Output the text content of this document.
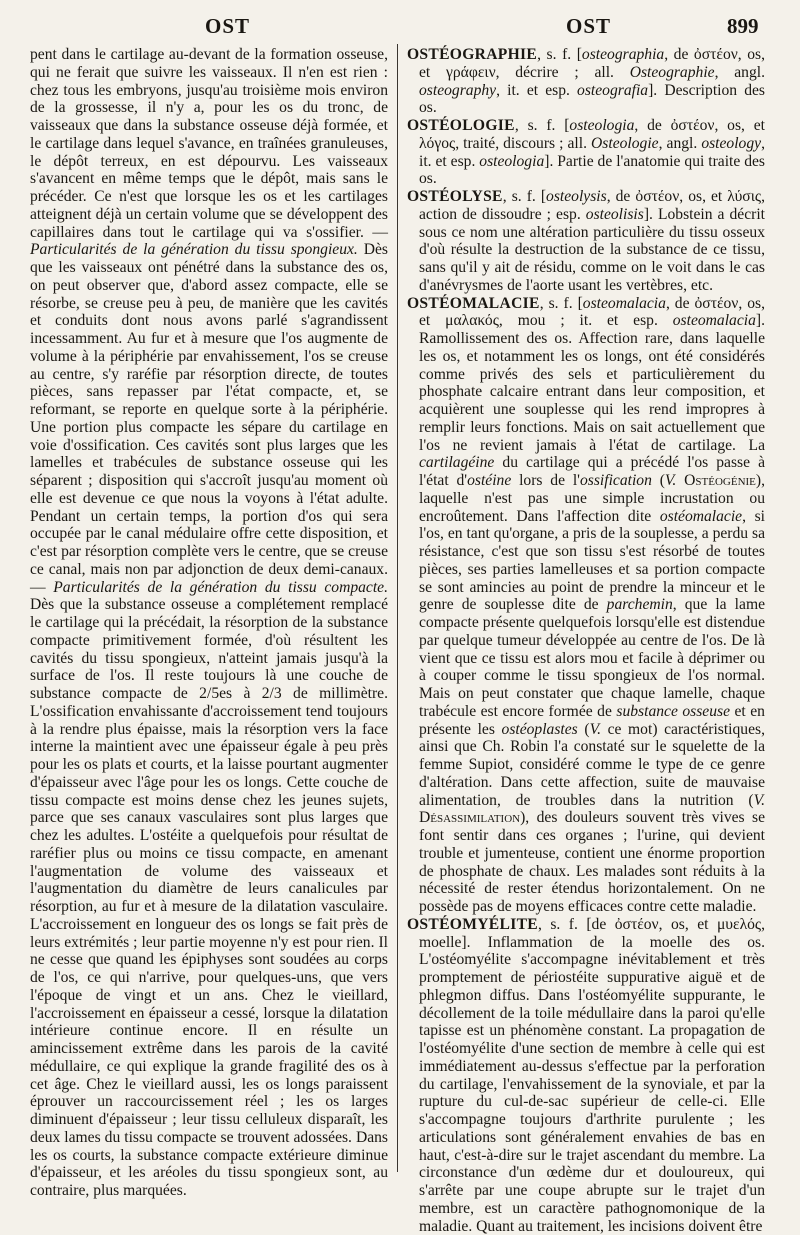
OST	OST	899

pent dans le cartilage au-devant de la formation osseuse, qui ne ferait que suivre les vaisseaux. Il n'en est rien : chez tous les embryons, jusqu'au troisième mois environ de la grossesse, il n'y a, pour les os du tronc, de vaisseaux que dans la substance osseuse déjà formée, et le cartilage dans lequel s'avance, en traînées granuleuses, le dépôt terreux, en est dépourvu. Les vaisseaux s'avancent en même temps que le dépôt, mais sans le précéder. Ce n'est que lorsque les os et les cartilages atteignent déjà un certain volume que se développent des capillaires dans tout le cartilage qui va s'ossifier. — Particularités de la génération du tissu spongieux. Dès que les vaisseaux ont pénétré dans la substance des os, on peut observer que, d'abord assez compacte, elle se résorbe, se creuse peu à peu, de manière que les cavités et conduits dont nous avons parlé s'agrandissent incessamment. Au fur et à mesure que l'os augmente de volume à la périphérie par envahissement, l'os se creuse au centre, s'y raréfie par résorption directe, de toutes pièces, sans repasser par l'état compacte, et, se reformant, se reporte en quelque sorte à la périphérie. Une portion plus compacte les sépare du cartilage en voie d'ossification. Ces cavités sont plus larges que les lamelles et trabécules de substance osseuse qui les séparent ; disposition qui s'accroît jusqu'au moment où elle est devenue ce que nous la voyons à l'état adulte. Pendant un certain temps, la portion d'os qui sera occupée par le canal médulaire offre cette disposition, et c'est par résorption complète vers le centre, que se creuse ce canal, mais non par adjonction de deux demi-canaux. — Particularités de la génération du tissu compacte. Dès que la substance osseuse a complétement remplacé le cartilage qui la précédait, la résorption de la substance compacte primitivement formée, d'où résultent les cavités du tissu spongieux, n'atteint jamais jusqu'à la surface de l'os. Il reste toujours là une couche de substance compacte de 2/5es à 2/3 de millimètre. L'ossification envahissante d'accroissement tend toujours à la rendre plus épaisse, mais la résorption vers la face interne la maintient avec une épaisseur égale à peu près pour les os plats et courts, et la laisse pourtant augmenter d'épaisseur avec l'âge pour les os longs. Cette couche de tissu compacte est moins dense chez les jeunes sujets, parce que ses canaux vasculaires sont plus larges que chez les adultes. L'ostéite a quelquefois pour résultat de raréfier plus ou moins ce tissu compacte, en amenant l'augmentation de volume des vaisseaux et l'augmentation du diamètre de leurs canalicules par résorption, au fur et à mesure de la dilatation vasculaire. L'accroissement en longueur des os longs se fait près de leurs extrémités ; leur partie moyenne n'y est pour rien. Il ne cesse que quand les épiphyses sont soudées au corps de l'os, ce qui n'arrive, pour quelques-uns, que vers l'époque de vingt et un ans. Chez le vieillard, l'accroissement en épaisseur a cessé, lorsque la dilatation intérieure continue encore. Il en résulte un amincissement extrême dans les parois de la cavité médullaire, ce qui explique la grande fragilité des os à cet âge. Chez le vieillard aussi, les os longs paraissent éprouver un raccourcissement réel ; les os larges diminuent d'épaisseur ; leur tissu celluleux disparaît, les deux lames du tissu compacte se trouvent adossées. Dans les os courts, la substance compacte extérieure diminue d'épaisseur, et les aréoles du tissu spongieux sont, au contraire, plus marquées.

OSTÉOGRAPHIE, s. f. [osteographia, de ὀστέον, os, et γράφειν, décrire ; all. Osteographie, angl. osteography, it. et esp. osteografia]. Description des os.

OSTÉOLOGIE, s. f. [osteologia, de ὀστέον, os, et λόγος, traité, discours ; all. Osteologie, angl. osteology, it. et esp. osteologia]. Partie de l'anatomie qui traite des os.

OSTÉOLYSE, s. f. [osteolysis, de ὀστέον, os, et λύσις, action de dissoudre ; esp. osteolisis]. Lobstein a décrit sous ce nom une altération particulière du tissu osseux d'où résulte la destruction de la substance de ce tissu, sans qu'il y ait de résidu, comme on le voit dans le cas d'anévrysmes de l'aorte usant les vertèbres, etc.

OSTÉOMALACIE, s. f. [osteomalacia, de ὀστέον, os, et μαλακός, mou ; it. et esp. osteomalacia]. Ramollissement des os. Affection rare, dans laquelle les os, et notamment les os longs, ont été considérés comme privés des sels et particulièrement du phosphate calcaire entrant dans leur composition, et acquièrent une souplesse qui les rend impropres à remplir leurs fonctions. Mais on sait actuellement que l'os ne revient jamais à l'état de cartilage. La cartilagéine du cartilage qui a précédé l'os passe à l'état d'ostéine lors de l'ossification (V. Ostéogénie), laquelle n'est pas une simple incrustation ou encroûtement. Dans l'affection dite ostéomalacie, si l'os, en tant qu'organe, a pris de la souplesse, a perdu sa résistance, c'est que son tissu s'est résorbé de toutes pièces, ses parties lamelleuses et sa portion compacte se sont amincies au point de prendre la minceur et le genre de souplesse dite de parchemin, que la lame compacte présente quelquefois lorsqu'elle est distendue par quelque tumeur développée au centre de l'os. De là vient que ce tissu est alors mou et facile à déprimer ou à couper comme le tissu spongieux de l'os normal. Mais on peut constater que chaque lamelle, chaque trabécule est encore formée de substance osseuse et en présente les ostéoplastes (V. ce mot) caractéristiques, ainsi que Ch. Robin l'a constaté sur le squelette de la femme Supiot, considéré comme le type de ce genre d'altération. Dans cette affection, suite de mauvaise alimentation, de troubles dans la nutrition (V. Désassimilation), des douleurs souvent très vives se font sentir dans ces organes ; l'urine, qui devient trouble et jumenteuse, contient une énorme proportion de phosphate de chaux. Les malades sont réduits à la nécessité de rester étendus horizontalement. On ne possède pas de moyens efficaces contre cette maladie.

OSTÉOMYÉLITE, s. f. [de ὀστέον, os, et μυελός, moelle]. Inflammation de la moelle des os. L'ostéomyélite s'accompagne inévitablement et très promptement de périostéite suppurative aiguë et de phlegmon diffus. Dans l'ostéomyélite suppurante, le décollement de la toile médullaire dans la paroi qu'elle tapisse est un phénomène constant. La propagation de l'ostéomyélite d'une section de membre à celle qui est immédiatement au-dessus s'effectue par la perforation du cartilage, l'envahissement de la synoviale, et par la rupture du cul-de-sac supérieur de celle-ci. Elle s'accompagne toujours d'arthrite purulente ; les articulations sont généralement envahies de bas en haut, c'est-à-dire sur le trajet ascendant du membre. La circonstance d'un œdème dur et douloureux, qui s'arrête par une coupe abrupte sur le trajet d'un membre, est un caractère pathognomonique de la maladie. Quant au traitement, les incisions doivent être
